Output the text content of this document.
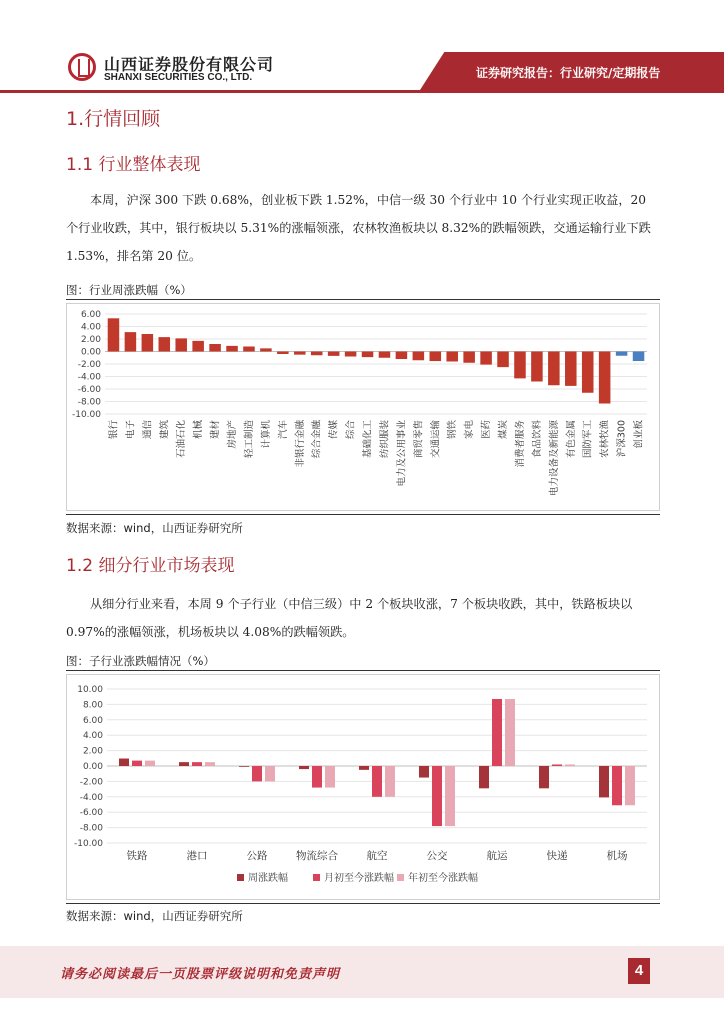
山西证券股份有限公司
SHANXI SECURITIES CO., LTD.	证券研究报告：行业研究/定期报告
1.行情回顾
1.1 行业整体表现
本周，沪深 300 下跌 0.68%，创业板下跌 1.52%，中信一级 30 个行业中 10 个行业实现正收益，20 个行业收跌，其中，银行板块以 5.31%的涨幅领涨，农林牧渔板块以 8.32%的跌幅领跌，交通运输行业下跌 1.53%，排名第 20 位。
图：行业周涨跌幅（%）
6.00
4.00
2.00
0.00
-2.00
-4.00
-6.00
-8.00
-10.00
银行 电子 通信 建筑 石油石化 机械 建材 房地产 轻工制造 计算机 汽车 非银行金融 综合金融 传媒 综合 基础化工 纺织服装 电力及公用事业 商贸零售 交通运输 钢铁 家电 医药 煤炭 消费者服务 食品饮料 电力设备及新能源 有色金属 国防军工 农林牧渔 沪深300 创业板
数据来源：wind，山西证券研究所
1.2 细分行业市场表现
从细分行业来看，本周 9 个子行业（中信三级）中 2 个板块收涨，7 个板块收跌，其中，铁路板块以 0.97%的涨幅领涨，机场板块以 4.08%的跌幅领跌。
图：子行业涨跌幅情况（%）
10.00
8.00
6.00
4.00
2.00
0.00
-2.00
-4.00
-6.00
-8.00
-10.00
铁路	港口	公路	物流综合	航空	公交	航运	快递	机场
周涨跌幅	月初至今涨跌幅 年初至今涨跌幅
数据来源：wind，山西证券研究所
请务必阅读最后一页股票评级说明和免责声明	4
